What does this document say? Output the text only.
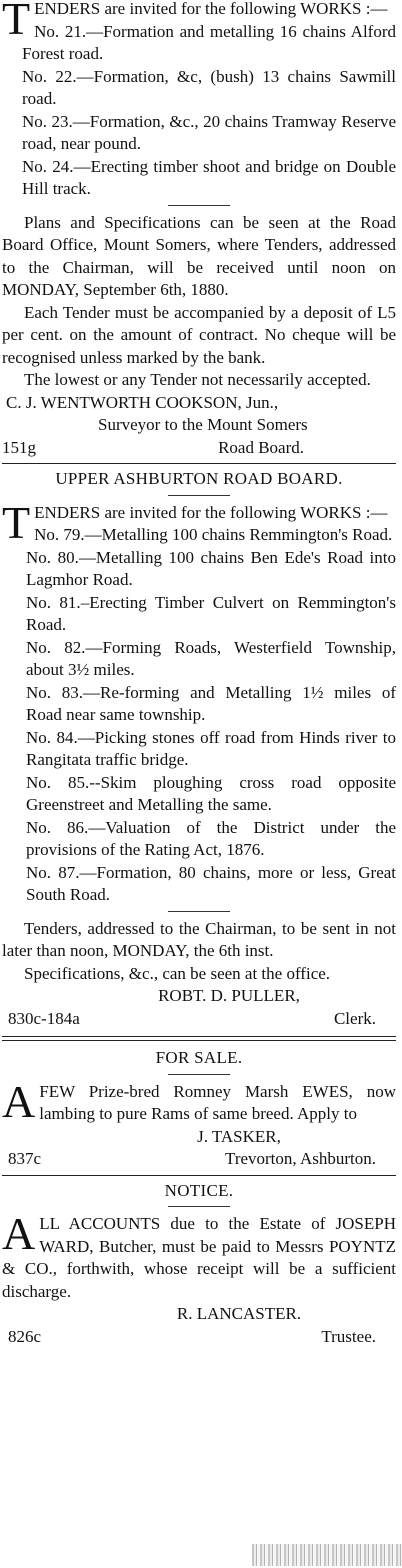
TENDERS are invited for the following WORKS :—

No. 21.—Formation and metalling 16 chains Alford Forest road.

No. 22.—Formation, &c, (bush) 13 chains Sawmill road.

No. 23.—Formation, &c., 20 chains Tramway Reserve road, near pound.

No. 24.—Erecting timber shoot and bridge on Double Hill track.

Plans and Specifications can be seen at the Road Board Office, Mount Somers, where Tenders, addressed to the Chairman, will be received until noon on MONDAY, September 6th, 1880.

Each Tender must be accompanied by a deposit of L5 per cent. on the amount of contract. No cheque will be recognised unless marked by the bank.

The lowest or any Tender not necessarily accepted.

C. J. WENTWORTH COOKSON, Jun.,

Surveyor to the Mount Somers

151g	Road Board.

UPPER ASHBURTON ROAD BOARD.

TENDERS are invited for the following WORKS :—

No. 79.—Metalling 100 chains Remmington's Road.

No. 80.—Metalling 100 chains Ben Ede's Road into Lagmhor Road.

No. 81.–Erecting Timber Culvert on Remmington's Road.

No. 82.—Forming Roads, Westerfield Township, about 3½ miles.

No. 83.—Re-forming and Metalling 1½ miles of Road near same township.

No. 84.—Picking stones off road from Hinds river to Rangitata traffic bridge.

No. 85.--Skim ploughing cross road opposite Greenstreet and Metalling the same.

No. 86.—Valuation of the District under the provisions of the Rating Act, 1876.

No. 87.—Formation, 80 chains, more or less, Great South Road.

Tenders, addressed to the Chairman, to be sent in not later than noon, MONDAY, the 6th inst.

Specifications, &c., can be seen at the office.

ROBT. D. PULLER,

830c-184a	Clerk.

FOR SALE.

AFEW Prize-bred Romney Marsh EWES, now lambing to pure Rams of same breed. Apply to

J. TASKER,

837c	Trevorton, Ashburton.

NOTICE.

ALL ACCOUNTS due to the Estate of JOSEPH WARD, Butcher, must be paid to Messrs POYNTZ & CO., forthwith, whose receipt will be a sufficient discharge.

R. LANCASTER.

826c	Trustee.
